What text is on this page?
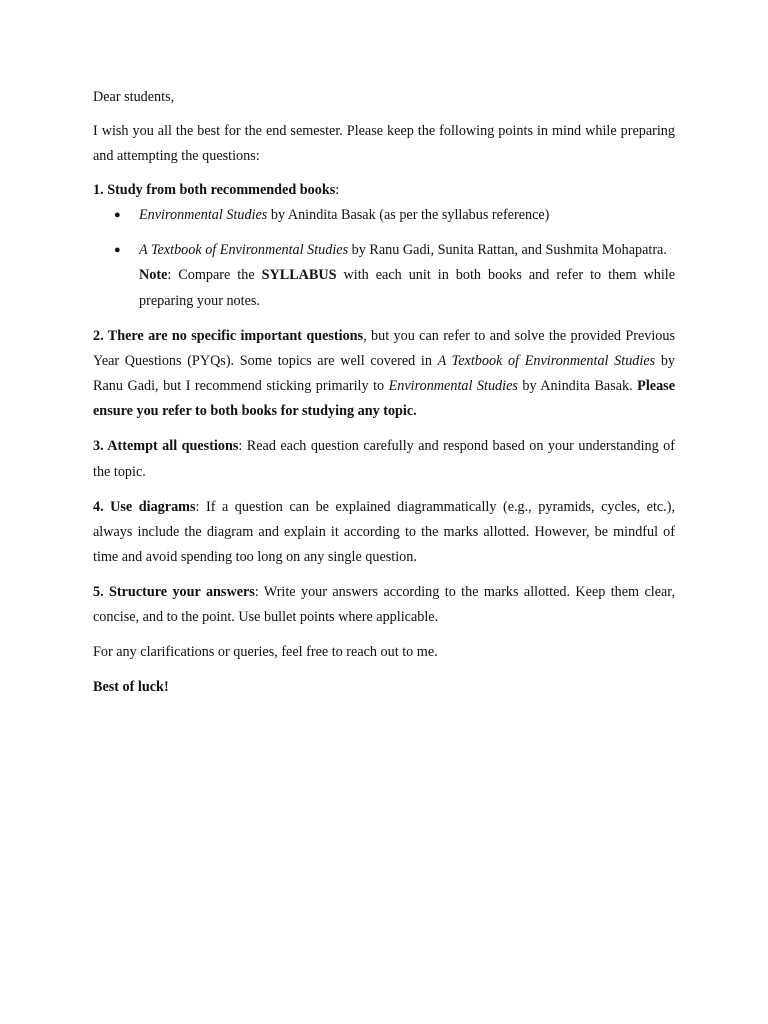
Dear students,

I wish you all the best for the end semester. Please keep the following points in mind while preparing and attempting the questions:

1. Study from both recommended books:

● Environmental Studies by Anindita Basak (as per the syllabus reference)
● A Textbook of Environmental Studies by Ranu Gadi, Sunita Rattan, and Sushmita Mohapatra.
Note: Compare the SYLLABUS with each unit in both books and refer to them while preparing your notes.

2. There are no specific important questions, but you can refer to and solve the provided Previous Year Questions (PYQs). Some topics are well covered in A Textbook of Environmental Studies by Ranu Gadi, but I recommend sticking primarily to Environmental Studies by Anindita Basak. Please ensure you refer to both books for studying any topic.

3. Attempt all questions: Read each question carefully and respond based on your understanding of the topic.

4. Use diagrams: If a question can be explained diagrammatically (e.g., pyramids, cycles, etc.), always include the diagram and explain it according to the marks allotted. However, be mindful of time and avoid spending too long on any single question.

5. Structure your answers: Write your answers according to the marks allotted. Keep them clear, concise, and to the point. Use bullet points where applicable.

For any clarifications or queries, feel free to reach out to me.

Best of luck!
